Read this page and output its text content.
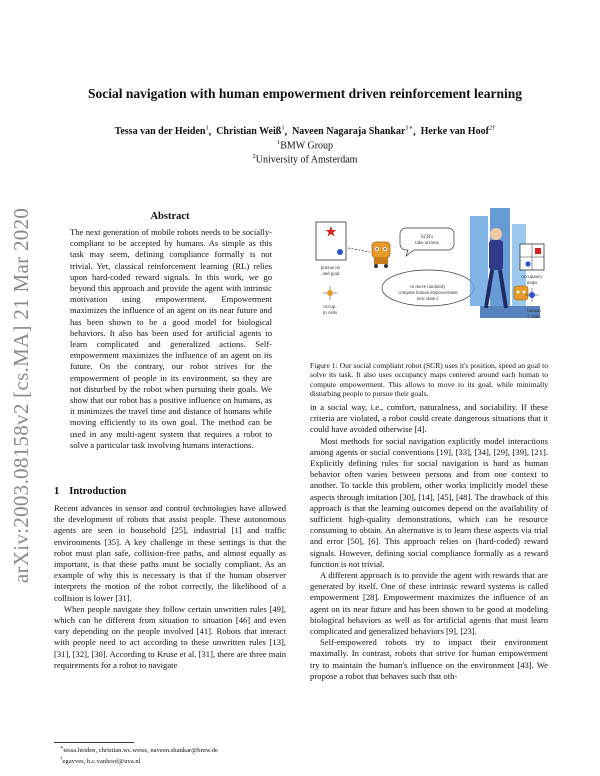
arXiv:2003.08158v2 [cs.MA] 21 Mar 2020
Social navigation with human empowerment driven reinforcement learning
Tessa van der Heiden$^1$,  Christian Weiß$^1$,  Naveen Nagaraja Shankar$^{1∗}$,  Herke van Hoof$^{2\dagger}$
$^1$BMW Group
$^2$University of Amsterdam
Abstract

The next generation of mobile robots needs to be socially-compliant to be accepted by humans. As simple as this task may seem, defining compliance formally is not trivial. Yet, classical reinforcement learning (RL) relies upon hard-coded reward signals. In this work, we go beyond this approach and provide the agent with intrinsic motivation using empowerment. Empowerment maximizes the influence of an agent on its near future and has been shown to be a good model for biological behaviors. It also has been used for artificial agents to learn complicated and generalized actions. Self-empowerment maximizes the influence of an agent on its future. On the contrary, our robot strives for the empowerment of people in its environment, so they are not disturbed by the robot when pursuing their goals. We show that our robot has a positive influence on humans, as it minimizes the travel time and distance of humans while moving efficiently to its own goal. The method can be used in any multi-agent system that requires a robot to solve a particular task involving humans interactions.

1 Introduction

Recent advances in sensor and control technologies have allowed the development of robots that assist people. These autonomous agents are seen in household [25], industrial [1] and traffic environments [35]. A key challenge in these settings is that the robot must plan safe, collision-free paths, and almost equally as important, is that these paths must be socially compliant. As an example of why this is necessary is that if the human observer interprets the motion of the robot correctly, the likelihood of a collision is lower [31].

When people navigate they follow certain unwritten rules [49], which can be different from situation to situation [46] and even vary depending on the people involved [41]. Robots that interact with people need to act according to these unwritten rules [13], [31], [32], [30]. According to Kruse et al. [31], there are three main requirements for a robot to navigate

∗tessa.heiden, christian.wc.weiss, naveen.shankar@bmw.de
†egavves, h.c.vanhoof@uva.nl
pursue its and goal
SCR's take actions
to move randomly compute human empowerment new state s'
occup. in cells
occupancy maps
human s' state

Figure 1: Our social compliant robot (SCR) uses it's position, speed an goal to solve its task. It also uses occupancy maps centered around each human to compute empowerment. This allows to move to its goal, while minimally disturbing people to pursue their goals.

in a social way, i.e., comfort, naturalness, and sociability. If these criteria are violated, a robot could create dangerous situations that it could have avoided otherwise [4].

Most methods for social navigation explicitly model interactions among agents or social conventions [19], [33], [34], [29], [39], [21]. Explicitly defining rules for social navigation is hard as human behavior often varies between persons and from one context to another. To tackle this problem, other works implicitly model these aspects through imitation [30], [14], [45], [48]. The drawback of this approach is that the learning outcomes depend on the availability of sufficient high-quality demonstrations, which can be resource consuming to obtain. An alternative is to learn these aspects via trial and error [50], [6]. This approach relies on (hard-coded) reward signals. However, defining social compliance formally as a reward function is not trivial.

A different approach is to provide the agent with rewards that are generated by itself. One of these intrinsic reward systems is called empowerment [28]. Empowerment maximizes the influence of an agent on its near future and has been shown to be good at modeling biological behaviors as well as for artificial agents that must learn complicated and generalized behaviors [9], [23].

Self-empowered robots try to impact their environment maximally. In contrast, robots that strive for human empowerment try to maintain the human's influence on the environment [43]. We propose a robot that behaves such that oth-
